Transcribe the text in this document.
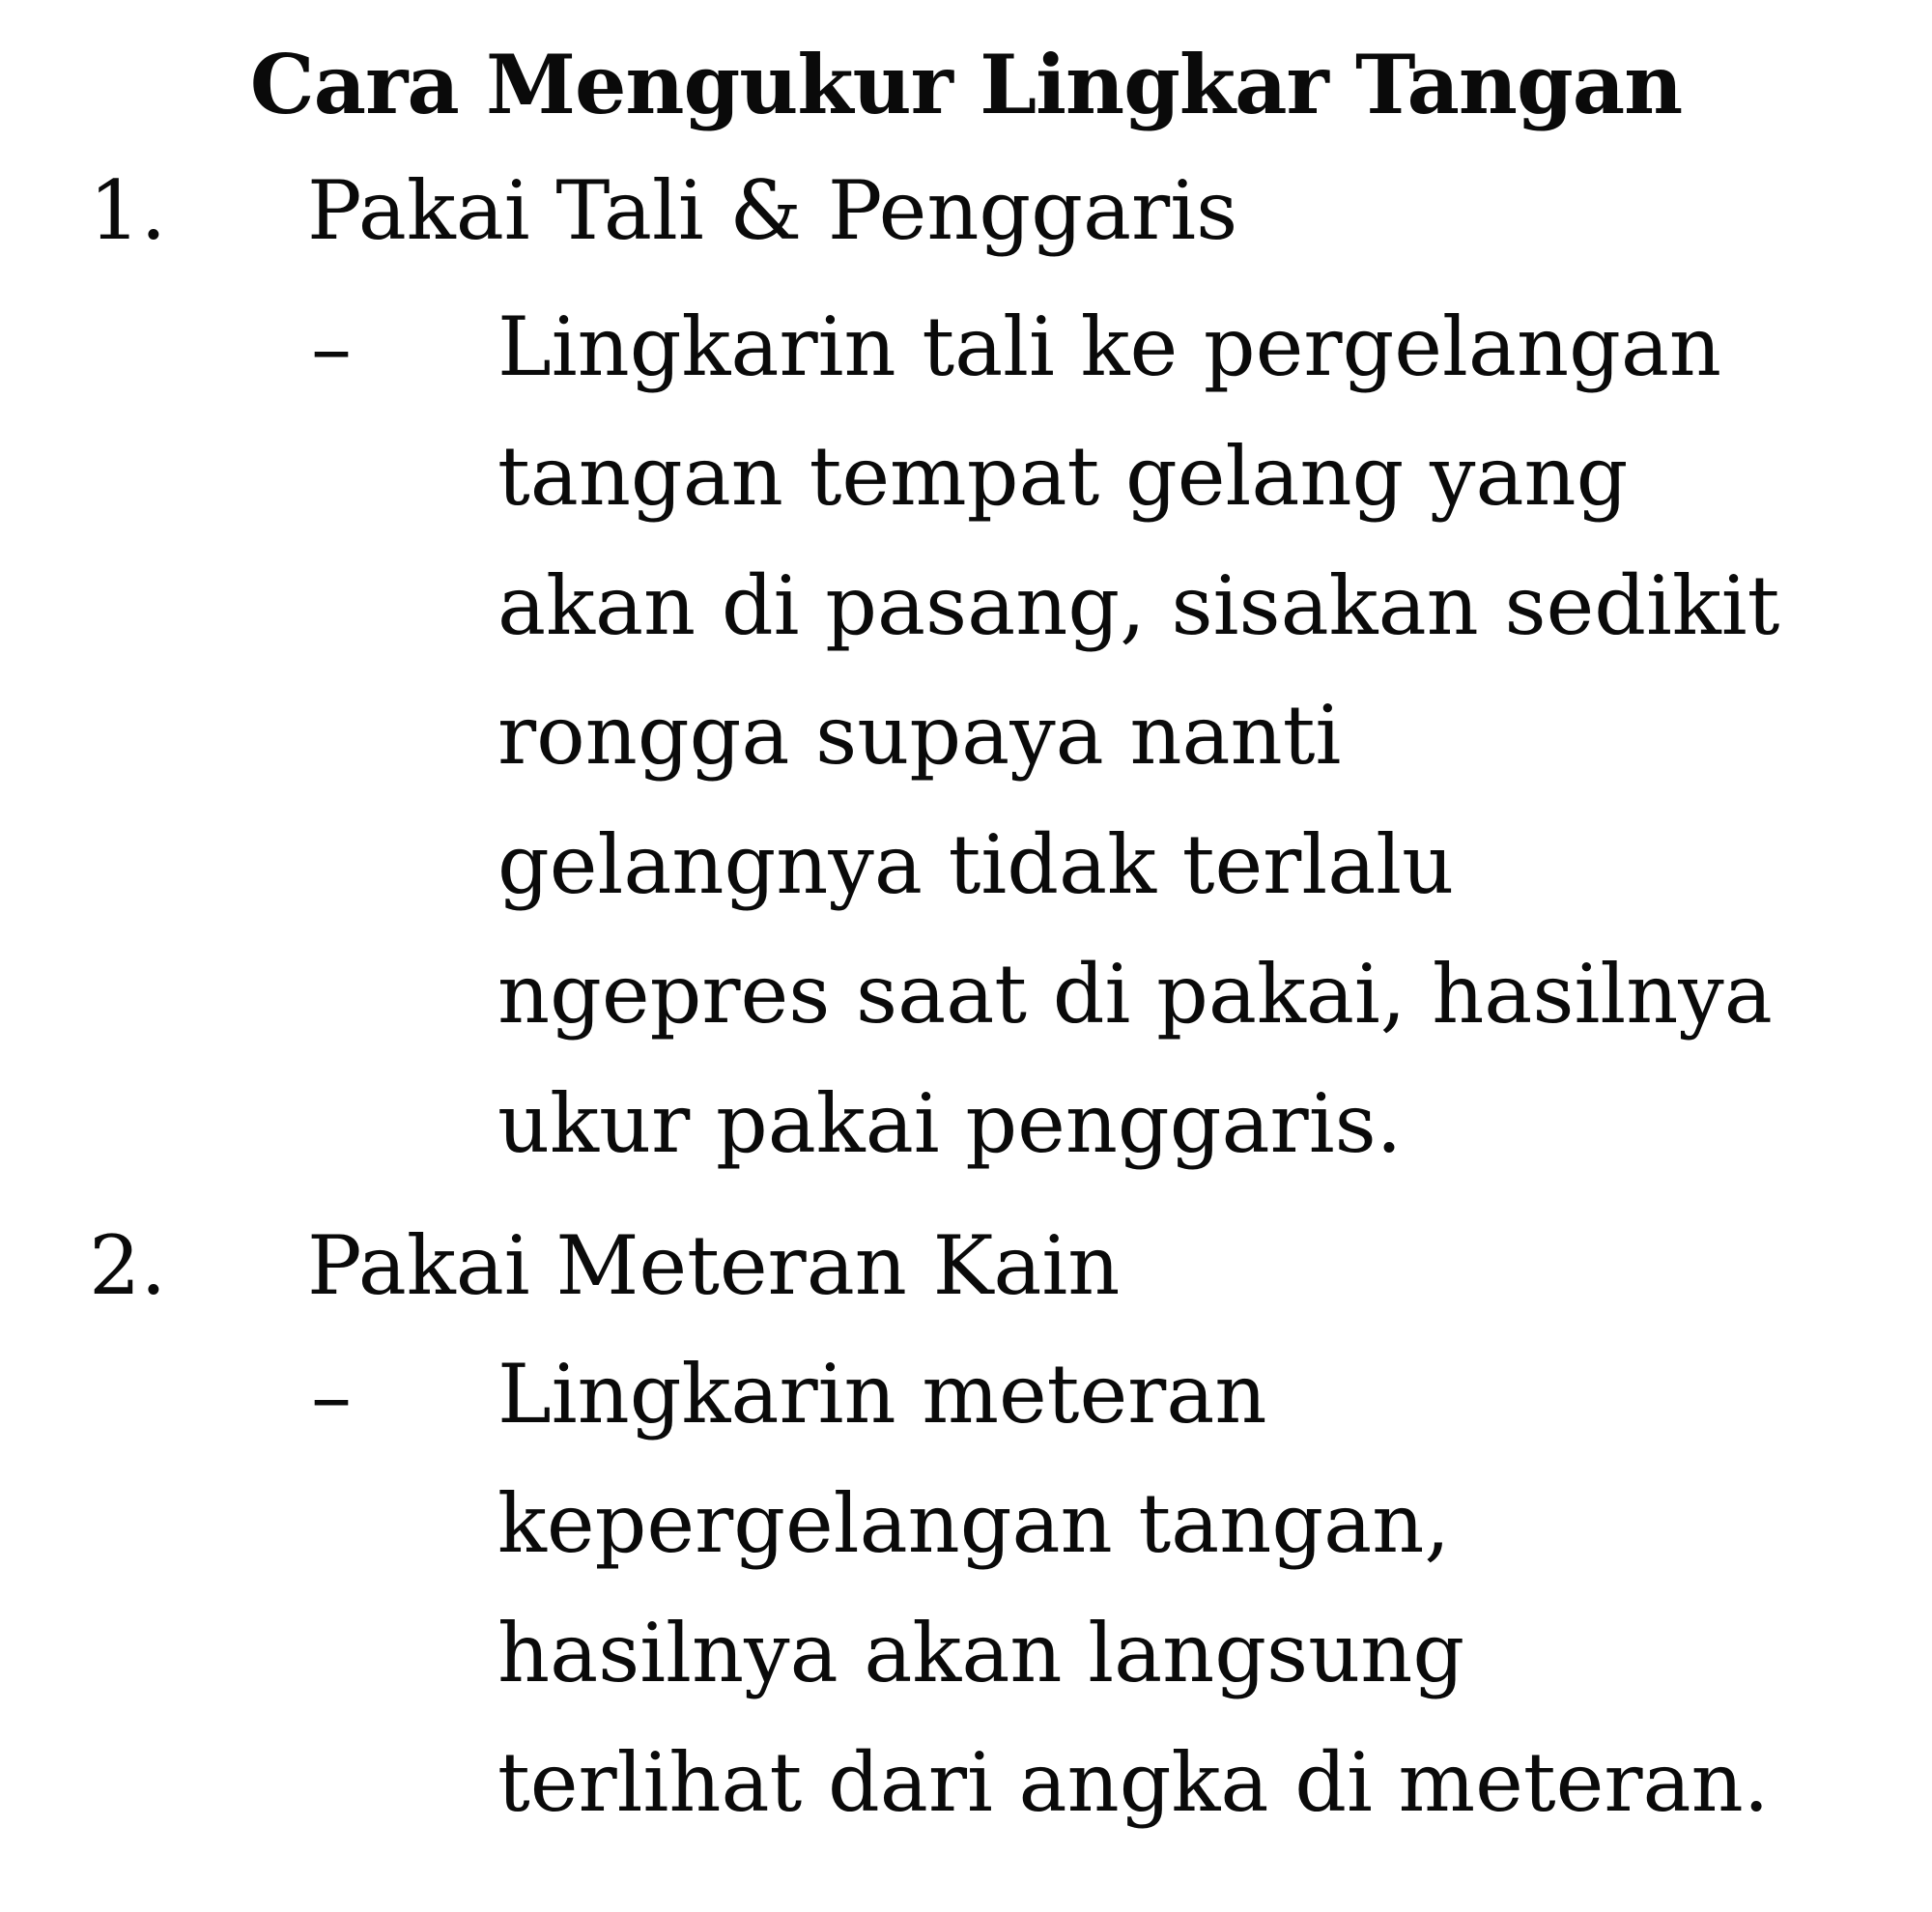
Cara Mengukur Lingkar Tangan
1. Pakai Tali & Penggaris
– Lingkarin tali ke pergelangan
tangan tempat gelang yang
akan di pasang, sisakan sedikit
rongga supaya nanti
gelangnya tidak terlalu
ngepres saat di pakai, hasilnya
ukur pakai penggaris.
2. Pakai Meteran Kain
– Lingkarin meteran
kepergelangan tangan,
hasilnya akan langsung
terlihat dari angka di meteran.
